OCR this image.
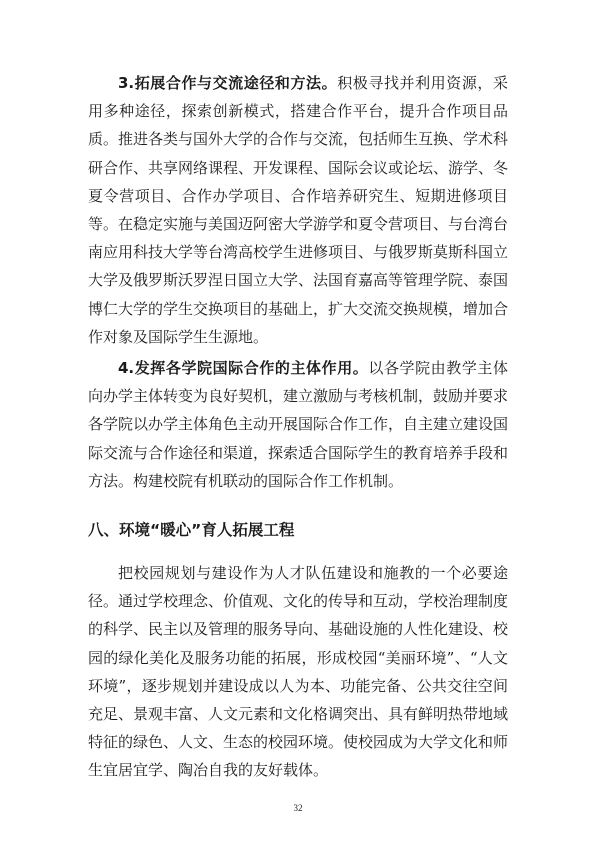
3.拓展合作与交流途径和方法。积极寻找并利用资源，采用多种途径，探索创新模式，搭建合作平台，提升合作项目品质。推进各类与国外大学的合作与交流，包括师生互换、学术科研合作、共享网络课程、开发课程、国际会议或论坛、游学、冬夏令营项目、合作办学项目、合作培养研究生、短期进修项目等。在稳定实施与美国迈阿密大学游学和夏令营项目、与台湾台南应用科技大学等台湾高校学生进修项目、与俄罗斯莫斯科国立大学及俄罗斯沃罗涅日国立大学、法国育嘉高等管理学院、泰国博仁大学的学生交换项目的基础上，扩大交流交换规模，增加合作对象及国际学生生源地。

4.发挥各学院国际合作的主体作用。以各学院由教学主体向办学主体转变为良好契机，建立激励与考核机制，鼓励并要求各学院以办学主体角色主动开展国际合作工作，自主建立建设国际交流与合作途径和渠道，探索适合国际学生的教育培养手段和方法。构建校院有机联动的国际合作工作机制。

八、环境“暖心”育人拓展工程

把校园规划与建设作为人才队伍建设和施教的一个必要途径。通过学校理念、价值观、文化的传导和互动，学校治理制度的科学、民主以及管理的服务导向、基础设施的人性化建设、校园的绿化美化及服务功能的拓展，形成校园“美丽环境”、“人文环境”，逐步规划并建设成以人为本、功能完备、公共交往空间充足、景观丰富、人文元素和文化格调突出、具有鲜明热带地域特征的绿色、人文、生态的校园环境。使校园成为大学文化和师生宜居宜学、陶冶自我的友好载体。

32
